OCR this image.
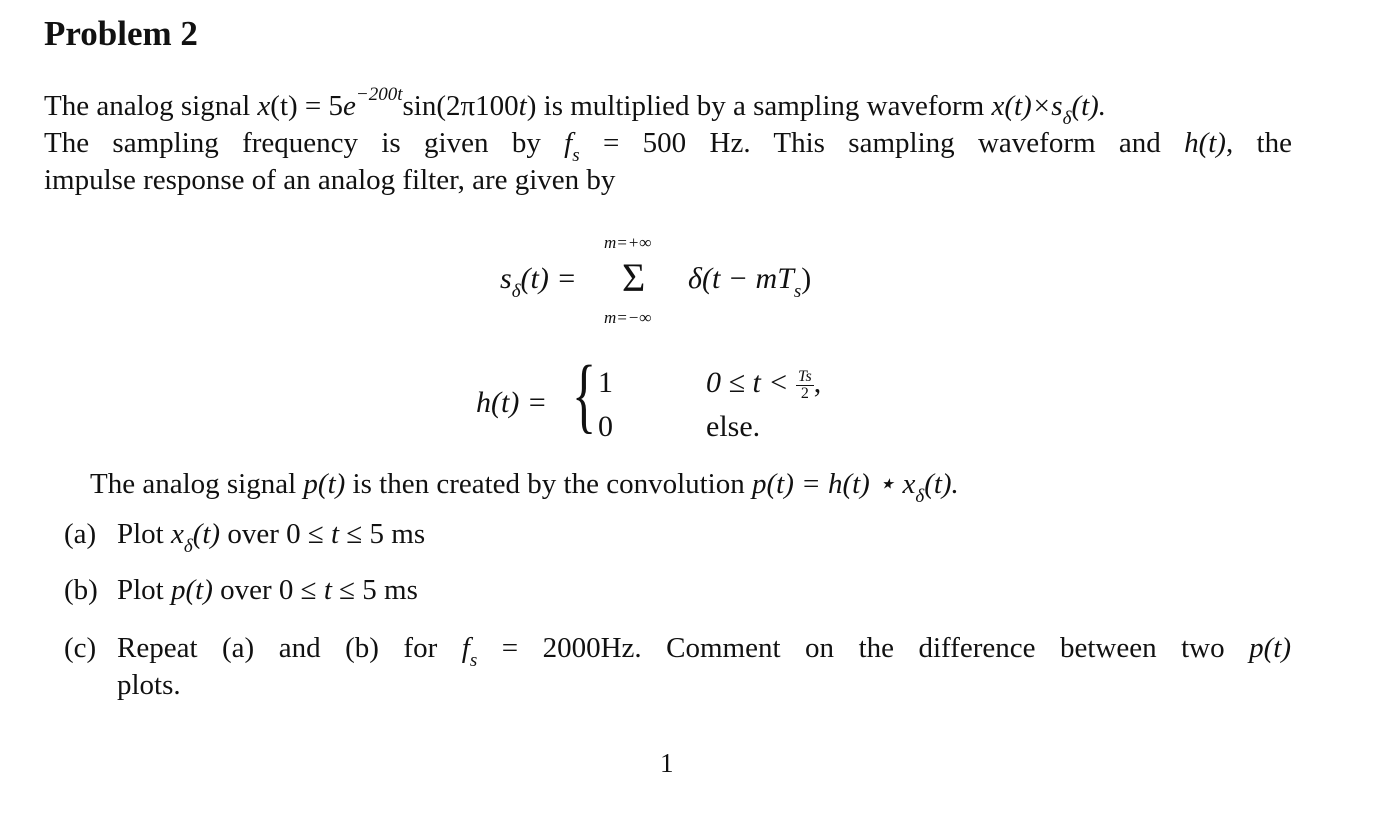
Problem 2
The analog signal $x(t) = 5e^{-200t}\sin(2\pi 100t)$ is multiplied by a sampling waveform $x(t)\times s_\delta(t)$.
The sampling frequency is given by $f_s = 500$ Hz. This sampling waveform and h(t), the
impulse response of an analog filter, are given by
$s_\delta(t)$ =
m=+∞
Σ
m=−∞
$\delta(t - mT_s)$
h(t) = { 1	$0 \le t < \frac{Ts}{2}$ ,
0	else.
The analog signal p(t) is then created by the convolution p(t) = h(t) ⋆ $x_\delta(t)$.
(a) Plot $x_\delta(t)$ over 0 ≤ t ≤ 5 ms
(b) Plot p(t) over 0 ≤ t ≤ 5 ms
(c) Repeat (a) and (b) for $f_s = 2000Hz$. Comment on the difference between two p(t)
plots.
1
